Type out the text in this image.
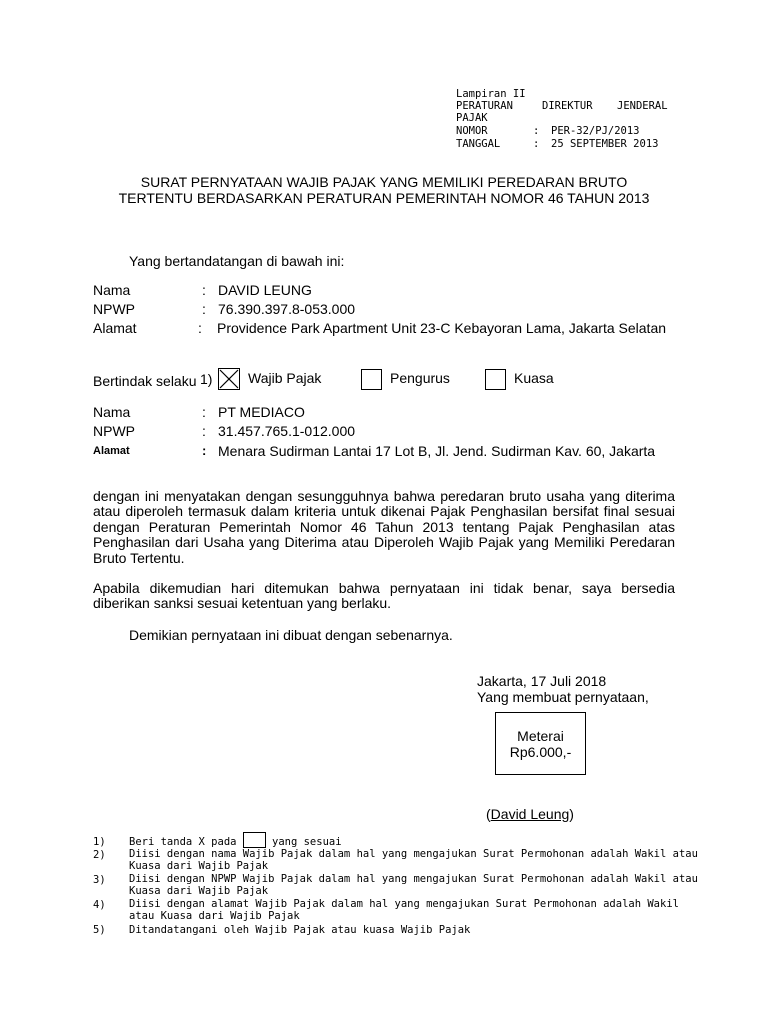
Lampiran II
PERATURAN	DIREKTUR JENDERAL
PAJAK
NOMOR	: PER-32/PJ/2013
TANGGAL	: 25 SEPTEMBER 2013
SURAT PERNYATAAN WAJIB PAJAK YANG MEMILIKI PEREDARAN BRUTO
TERTENTU BERDASARKAN PERATURAN PEMERINTAH NOMOR 46 TAHUN 2013
Yang bertandatangan di bawah ini:
Nama	: DAVID LEUNG
NPWP	: 76.390.397.8-053.000
Alamat	: Providence Park Apartment Unit 23-C Kebayoran Lama, Jakarta Selatan
Bertindak selaku 1)	Wajib Pajak	Pengurus	Kuasa
Nama	: PT MEDIACO
NPWP	: 31.457.765.1-012.000
Alamat	: Menara Sudirman Lantai 17 Lot B, Jl. Jend. Sudirman Kav. 60, Jakarta
dengan ini menyatakan dengan sesungguhnya bahwa peredaran bruto usaha yang diterima
atau diperoleh termasuk dalam kriteria untuk dikenai Pajak Penghasilan bersifat final sesuai
dengan Peraturan Pemerintah Nomor 46 Tahun 2013 tentang Pajak Penghasilan atas
Penghasilan dari Usaha yang Diterima atau Diperoleh Wajib Pajak yang Memiliki Peredaran
Bruto Tertentu.
Apabila dikemudian hari ditemukan bahwa pernyataan ini tidak benar, saya bersedia
diberikan sanksi sesuai ketentuan yang berlaku.
Demikian pernyataan ini dibuat dengan sebenarnya.
Jakarta, 17 Juli 2018
Yang membuat pernyataan,
Meterai
Rp6.000,-
(David Leung)
1) Beri tanda X pada	yang sesuai
2) Diisi dengan nama Wajib Pajak dalam hal yang mengajukan Surat Permohonan adalah Wakil atau
Kuasa dari Wajib Pajak
3) Diisi dengan NPWP Wajib Pajak dalam hal yang mengajukan Surat Permohonan adalah Wakil atau
Kuasa dari Wajib Pajak
4) Diisi dengan alamat Wajib Pajak dalam hal yang mengajukan Surat Permohonan adalah Wakil
atau Kuasa dari Wajib Pajak
5) Ditandatangani oleh Wajib Pajak atau kuasa Wajib Pajak
